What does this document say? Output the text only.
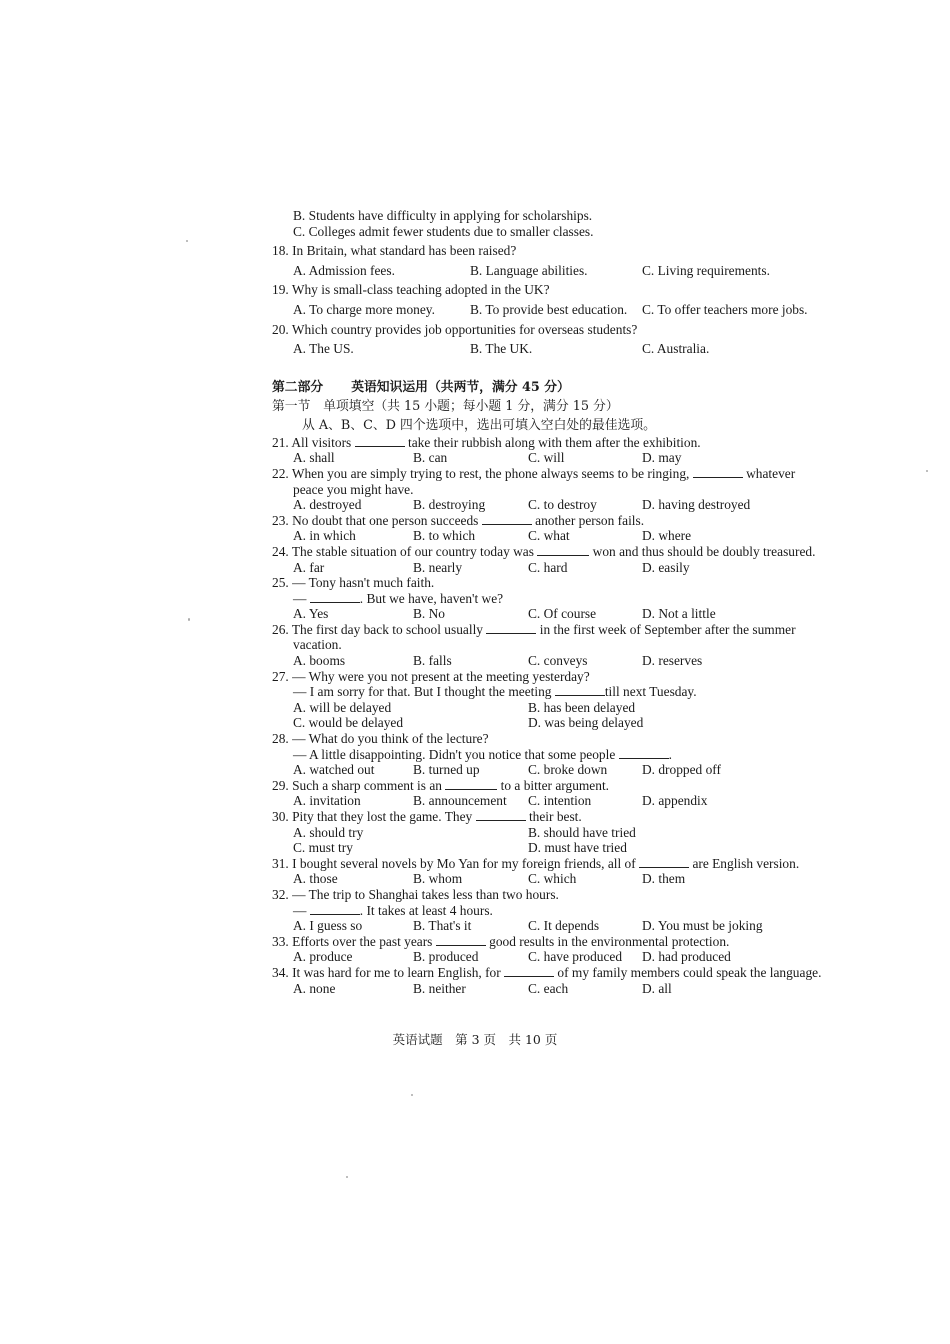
B. Students have difficulty in applying for scholarships.
C. Colleges admit fewer students due to smaller classes.
18. In Britain, what standard has been raised?
A. Admission fees.	B. Language abilities.	C. Living requirements.
19. Why is small-class teaching adopted in the UK?
A. To charge more money.	B. To provide best education. C. To offer teachers more jobs.
20. Which country provides job opportunities for overseas students?
A. The US.	B. The UK.	C. Australia.
第二部分 英语知识运用（共两节，满分 45 分）
第一节　单项填空（共 15 小题；每小题 1 分，满分 15 分）
从 A、B、C、D 四个选项中，选出可填入空白处的最佳选项。
21. All visitors	take their rubbish along with them after the exhibition.
A. shall	B. can	C. will	D. may
22. When you are simply trying to rest, the phone always seems to be ringing,	whatever
peace you might have.
A. destroyed	B. destroying	C. to destroy	D. having destroyed
23. No doubt that one person succeeds	another person fails.
A. in which	B. to which	C. what	D. where
24. The stable situation of our country today was	won and thus should be doubly treasured.
A. far	B. nearly	C. hard	D. easily
25. — Tony hasn't much faith.
—	. But we have, haven't we?
A. Yes	B. No	C. Of course	D. Not a little
26. The first day back to school usually	in the first week of September after the summer
vacation.
A. booms	B. falls	C. conveys	D. reserves
27. — Why were you not present at the meeting yesterday?
— I am sorry for that. But I thought the meeting	till next Tuesday.
A. will be delayed	B. has been delayed
C. would be delayed	D. was being delayed
28. — What do you think of the lecture?
— A little disappointing. Didn't you notice that some people	.
A. watched out	B. turned up	C. broke down	D. dropped off
29. Such a sharp comment is an	to a bitter argument.
A. invitation	B. announcement C. intention	D. appendix
30. Pity that they lost the game. They	their best.
A. should try	B. should have tried
C. must try	D. must have tried
31. I bought several novels by Mo Yan for my foreign friends, all of	are English version.
A. those	B. whom	C. which	D. them
32. — The trip to Shanghai takes less than two hours.
—	. It takes at least 4 hours.
A. I guess so	B. That's it	C. It depends	D. You must be joking
33. Efforts over the past years	good results in the environmental protection.
A. produce	B. produced	C. have produced D. had produced
34. It was hard for me to learn English, for	of my family members could speak the language.
A. none	B. neither	C. each	D. all
英语试题　第 3 页　共 10 页
